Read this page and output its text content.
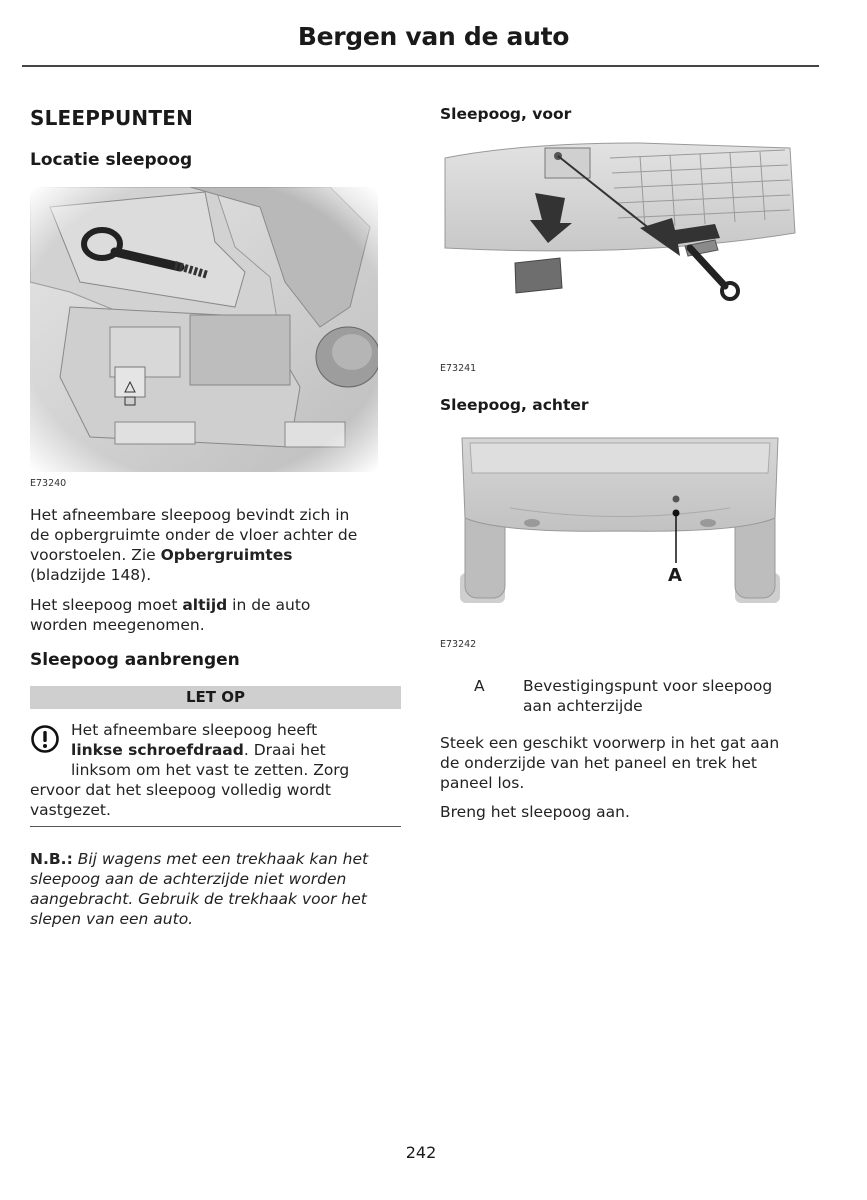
Bergen van de auto
SLEEPPUNTEN
Locatie sleepoog
E73240
Het afneembare sleepoog bevindt zich in
de opbergruimte onder de vloer achter de
voorstoelen. Zie Opbergruimtes
(bladzijde 148).
Het sleepoog moet altijd in de auto
worden meegenomen.
Sleepoog aanbrengen
LET OP
Het afneembare sleepoog heeft
linkse schroefdraad. Draai het
linksom om het vast te zetten. Zorg
ervoor dat het sleepoog volledig wordt
vastgezet.
N.B.: Bij wagens met een trekhaak kan het
sleepoog aan de achterzijde niet worden
aangebracht. Gebruik de trekhaak voor het
slepen van een auto.
Sleepoog, voor
E73241
Sleepoog, achter
A
E73242
A Bevestigingspunt voor sleepoog
aan achterzijde
Steek een geschikt voorwerp in het gat aan
de onderzijde van het paneel en trek het
paneel los.
Breng het sleepoog aan.
242
